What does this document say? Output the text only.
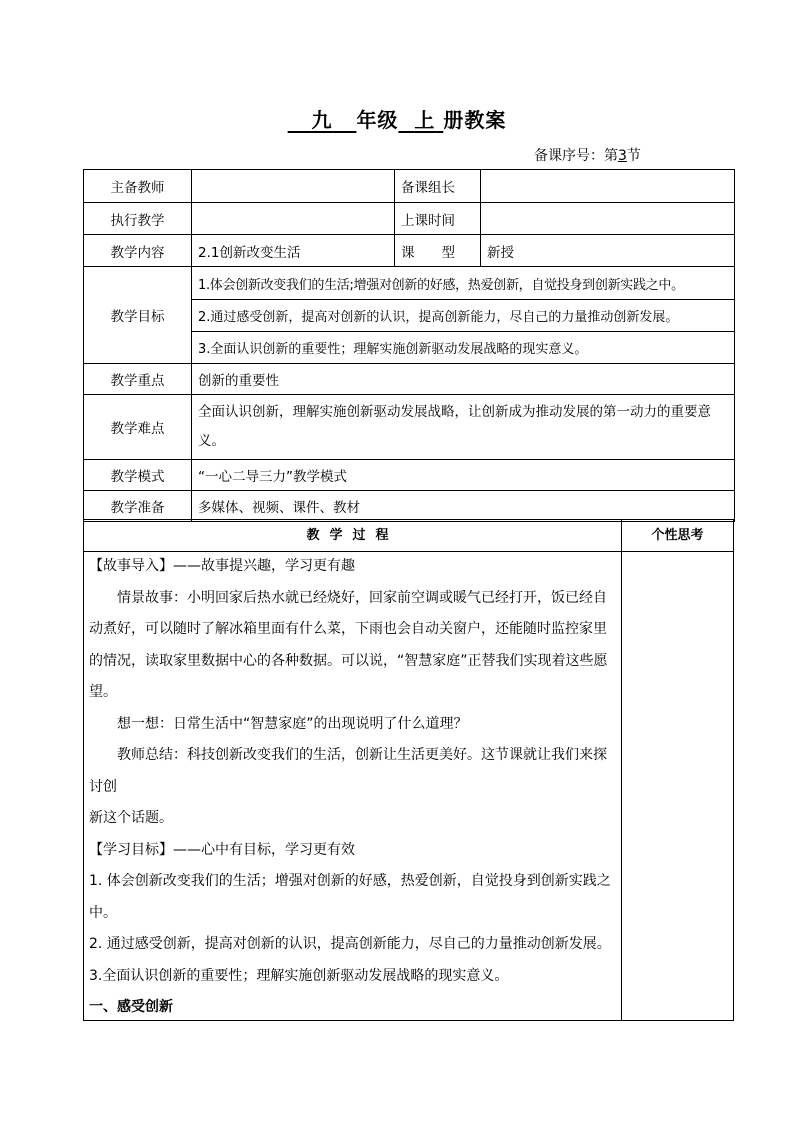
九 年级 上 册教案
备课序号：第3节
主备教师		备课组长	
执行教学		上课时间	
教学内容	2.1创新改变生活	课　　型	新授
教学目标	1.体会创新改变我们的生活;增强对创新的好感，热爱创新，自觉投身到创新实践之中。		
	2.通过感受创新，提高对创新的认识，提高创新能力，尽自己的力量推动创新发展。		
	3.全面认识创新的重要性；理解实施创新驱动发展战略的现实意义。		
教学重点	创新的重要性		
教学难点	全面认识创新，理解实施创新驱动发展战略，让创新成为推动发展的第一动力的重要意义。		
教学模式	“一心二导三力”教学模式		
教学准备	多媒体、视频、课件、教材		
教学过程	个性思考

【故事导入】——故事提兴趣，学习更有趣

情景故事：小明回家后热水就已经烧好，回家前空调或暖气已经打开，饭已经自动煮好，可以随时了解冰箱里面有什么菜，下雨也会自动关窗户，还能随时监控家里的情况，读取家里数据中心的各种数据。可以说，“智慧家庭”正替我们实现着这些愿望。

想一想：日常生活中“智慧家庭”的出现说明了什么道理？

教师总结：科技创新改变我们的生活，创新让生活更美好。这节课就让我们来探讨创

新这个话题。

【学习目标】——心中有目标，学习更有效

1. 体会创新改变我们的生活；增强对创新的好感，热爱创新，自觉投身到创新实践之中。

2. 通过感受创新，提高对创新的认识，提高创新能力，尽自己的力量推动创新发展。

3.全面认识创新的重要性；理解实施创新驱动发展战略的现实意义。

一、感受创新
